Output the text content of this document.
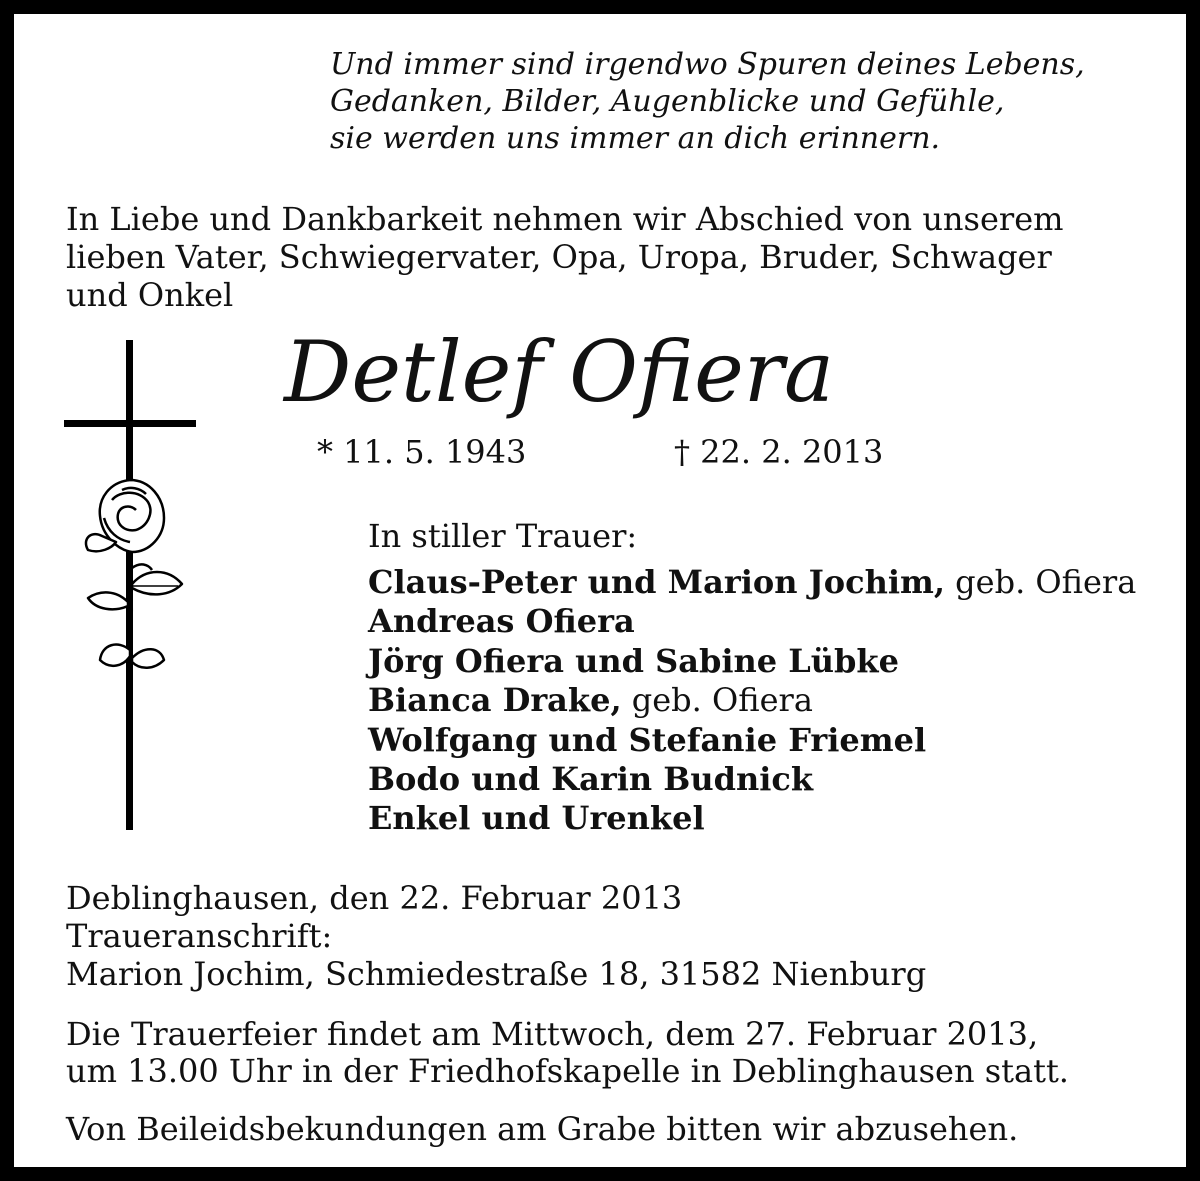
Und immer sind irgendwo Spuren deines Lebens,
Gedanken, Bilder, Augenblicke und Gefühle,
sie werden uns immer an dich erinnern.
In Liebe und Dankbarkeit nehmen wir Abschied von unserem
lieben Vater, Schwiegervater, Opa, Uropa, Bruder, Schwager
und Onkel
Detlef Ofiera
* 11. 5. 1943	† 22. 2. 2013
In stiller Trauer:
Claus-Peter und Marion Jochim, geb. Ofiera
Andreas Ofiera
Jörg Ofiera und Sabine Lübke
Bianca Drake, geb. Ofiera
Wolfgang und Stefanie Friemel
Bodo und Karin Budnick
Enkel und Urenkel
Deblinghausen, den 22. Februar 2013
Traueranschrift:
Marion Jochim, Schmiedestraße 18, 31582 Nienburg
Die Trauerfeier findet am Mittwoch, dem 27. Februar 2013,
um 13.00 Uhr in der Friedhofskapelle in Deblinghausen statt.
Von Beileidsbekundungen am Grabe bitten wir abzusehen.
